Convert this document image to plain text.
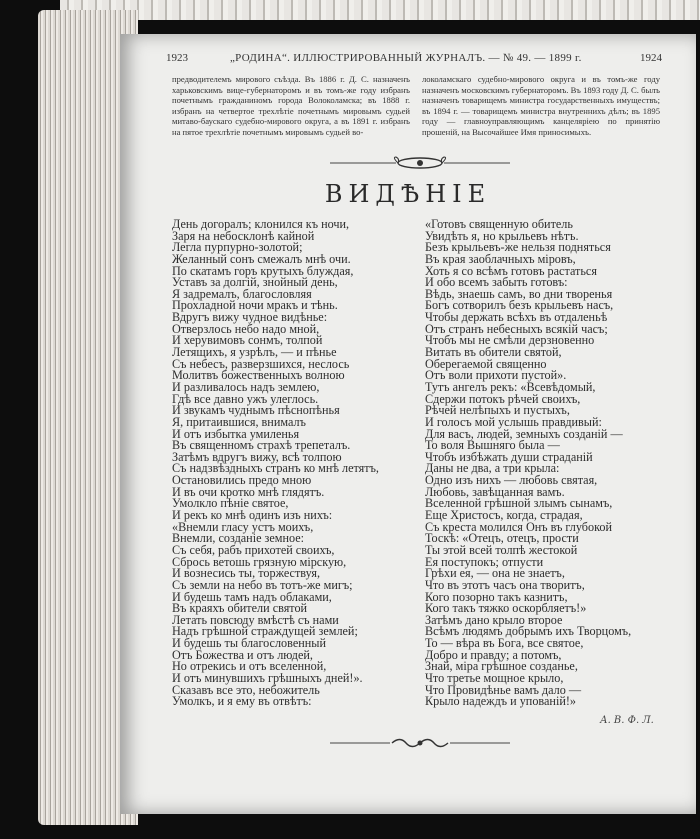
1923	„РОДИНА“. ИЛЛЮСТРИРОВАННЫЙ ЖУРНАЛЪ. — № 49. — 1899 г.	1924
предводителемъ мирового съѣзда. Въ 1886 г. Д. С. назначенъ харьковскимъ вице-губернаторомъ и въ томъ-же году избранъ почетнымъ гражданиномъ города Волоколамска; въ 1888 г. избранъ на четвертое трехлѣтіе почетнымъ мировымъ судьей митаво-баускаго судебно-мирового округа, а въ 1891 г. избранъ на пятое трехлѣтіе почетнымъ мировымъ судьей во-
локоламскаго судебно-мирового округа и въ томъ-же году назначенъ московскимъ губернаторомъ. Въ 1893 году Д. С. былъ назначенъ товарищемъ министра государственныхъ имуществъ; въ 1894 г. — товарищемъ министра внутреннихъ дѣлъ; въ 1895 году — главноуправляющимъ канцеляріею по принятію прошеній, на Высочайшее Имя приносимыхъ.
ВИДѢНІЕ
День догоралъ; клонился къ ночи,
Заря на небосклонѣ кайной
Легла пурпурно-золотой;
Желанный сонъ смежалъ мнѣ очи.
По скатамъ горъ крутыхъ блуждая,
Уставъ за долгій, знойный день,
Я задремалъ, благословляя
Прохладной ночи мракъ и тѣнь.
Вдругъ вижу чудное видѣнье:
Отверзлось небо надо мной,
И херувимовъ сонмъ, толпой
Летящихъ, я узрѣлъ, — и пѣнье
Съ небесъ, разверзшихся, неслось
Молитвъ божественныхъ волною
И разливалось надъ землею,
Гдѣ все давно ужъ улеглось.
И звукамъ чуднымъ пѣснопѣнья
Я, притаившися, внималъ
И отъ избытка умиленья
Въ священномъ страхѣ трепеталъ.
Затѣмъ вдругъ вижу, всѣ толпою
Съ надзвѣздныхъ странъ ко мнѣ летятъ,
Остановились предо мною
И въ очи кротко мнѣ глядятъ.
Умолкло пѣніе святое,
И рекъ ко мнѣ одинъ изъ нихъ:
«Внемли гласу устъ моихъ,
Внемли, созданіе земное:
Съ себя, рабъ прихотей своихъ,
Сбрось ветошь грязную мірскую,
И вознесись ты, торжествуя,
Съ земли на небо въ тотъ-же мигъ;
И будешь тамъ надъ облаками,
Въ краяхъ обители святой
Летать повсюду вмѣстѣ съ нами
Надъ грѣшной страждущей землей;
И будешь ты благословенный
Отъ Божества и отъ людей,
Но отрекись и отъ вселенной,
И отъ минувшихъ грѣшныхъ дней!».
Сказавъ все это, небожитель
Умолкъ, и я ему въ отвѣтъ:
«Готовъ священную обитель
Увидѣть я, но крыльевъ нѣтъ.
Безъ крыльевъ-же нельзя подняться
Въ края заоблачныхъ міровъ,
Хоть я со всѣмъ готовъ растаться
И обо всемъ забыть готовъ:
Вѣдь, знаешь самъ, во дни творенья
Богъ сотворилъ безъ крыльевъ насъ,
Чтобы держать всѣхъ въ отдаленьѣ
Отъ странъ небесныхъ всякій часъ;
Чтобъ мы не смѣли дерзновенно
Витать въ обители святой,
Оберегаемой священно
Отъ воли прихоти пустой».
Тутъ ангелъ рекъ: «Всевѣдомый,
Сдержи потокъ рѣчей своихъ,
Рѣчей нелѣпыхъ и пустыхъ,
И голосъ мой услышь правдивый:
Для васъ, людей, земныхъ созданій —
То воля Вышняго была —
Чтобъ избѣжать души страданій
Даны не два, а три крыла:
Одно изъ нихъ — любовь святая,
Любовь, завѣщанная вамъ.
Вселенной грѣшной злымъ сынамъ,
Еще Христосъ, когда, страдая,
Съ креста молился Онъ въ глубокой
Тоскѣ: «Отецъ, отецъ, прости
Ты этой всей толпѣ жестокой
Ея поступокъ; отпусти
Грѣхи ея, — она не знаетъ,
Что въ этотъ часъ она творитъ,
Кого позорно такъ казнитъ,
Кого такъ тяжко оскорбляетъ!»
Затѣмъ дано крыло второе
Всѣмъ людямъ добрымъ ихъ Творцомъ,
То — вѣра въ Бога, все святое,
Добро и правду; а потомъ,
Знай, міра грѣшное созданье,
Что третье мощное крыло,
Что Провидѣнье вамъ дало —
Крыло надеждъ и упованій!»
А. В. Ф. Л.
